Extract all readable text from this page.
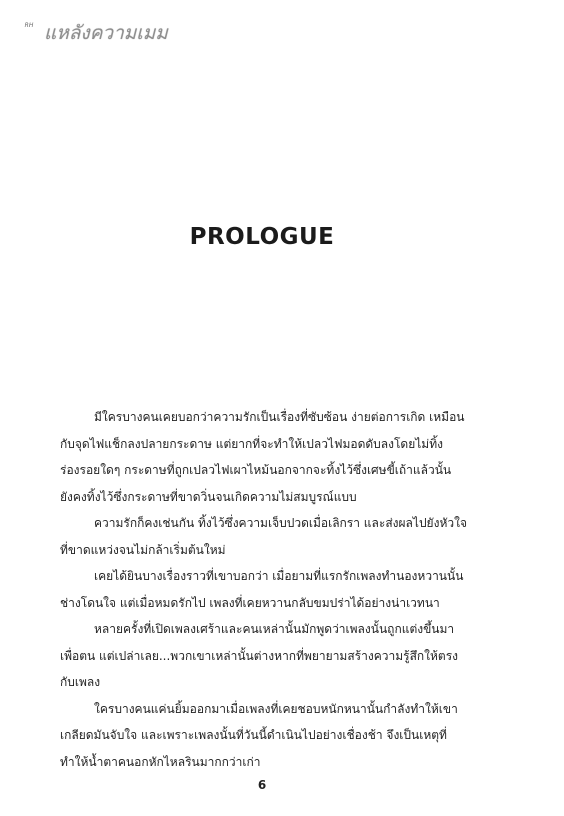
RH แหลังความเมม
PROLOGUE
มีใครบางคนเคยบอกว่าความรักเป็นเรื่องที่ซับซ้อน ง่ายต่อการเกิด เหมือน
กับจุดไฟแช็กลงปลายกระดาษ แต่ยากที่จะทำให้เปลวไฟมอดดับลงโดยไม่ทิ้ง
ร่องรอยใดๆ กระดาษที่ถูกเปลวไฟเผาไหม้นอกจากจะทิ้งไว้ซึ่งเศษขี้เถ้าแล้วนั้น
ยังคงทิ้งไว้ซึ่งกระดาษที่ขาดวิ่นจนเกิดความไม่สมบูรณ์แบบ
ความรักก็คงเช่นกัน ทิ้งไว้ซึ่งความเจ็บปวดเมื่อเลิกรา และส่งผลไปยังหัวใจ
ที่ขาดแหว่งจนไม่กล้าเริ่มต้นใหม่
เคยได้ยินบางเรื่องราวที่เขาบอกว่า เมื่อยามที่แรกรักเพลงทำนองหวานนั้น
ช่างโดนใจ แต่เมื่อหมดรักไป เพลงที่เคยหวานกลับขมปร่าได้อย่างน่าเวทนา
หลายครั้งที่เปิดเพลงเศร้าและคนเหล่านั้นมักพูดว่าเพลงนั้นถูกแต่งขึ้นมา
เพื่อตน แต่เปล่าเลย...พวกเขาเหล่านั้นต่างหากที่พยายามสร้างความรู้สึกให้ตรง
กับเพลง
ใครบางคนแค่นยิ้มออกมาเมื่อเพลงที่เคยชอบหนักหนานั้นกำลังทำให้เขา
เกลียดมันจับใจ และเพราะเพลงนั้นที่วันนี้ดำเนินไปอย่างเชื่องช้า จึงเป็นเหตุที่
ทำให้น้ำตาคนอกหักไหลรินมากกว่าเก่า
6
